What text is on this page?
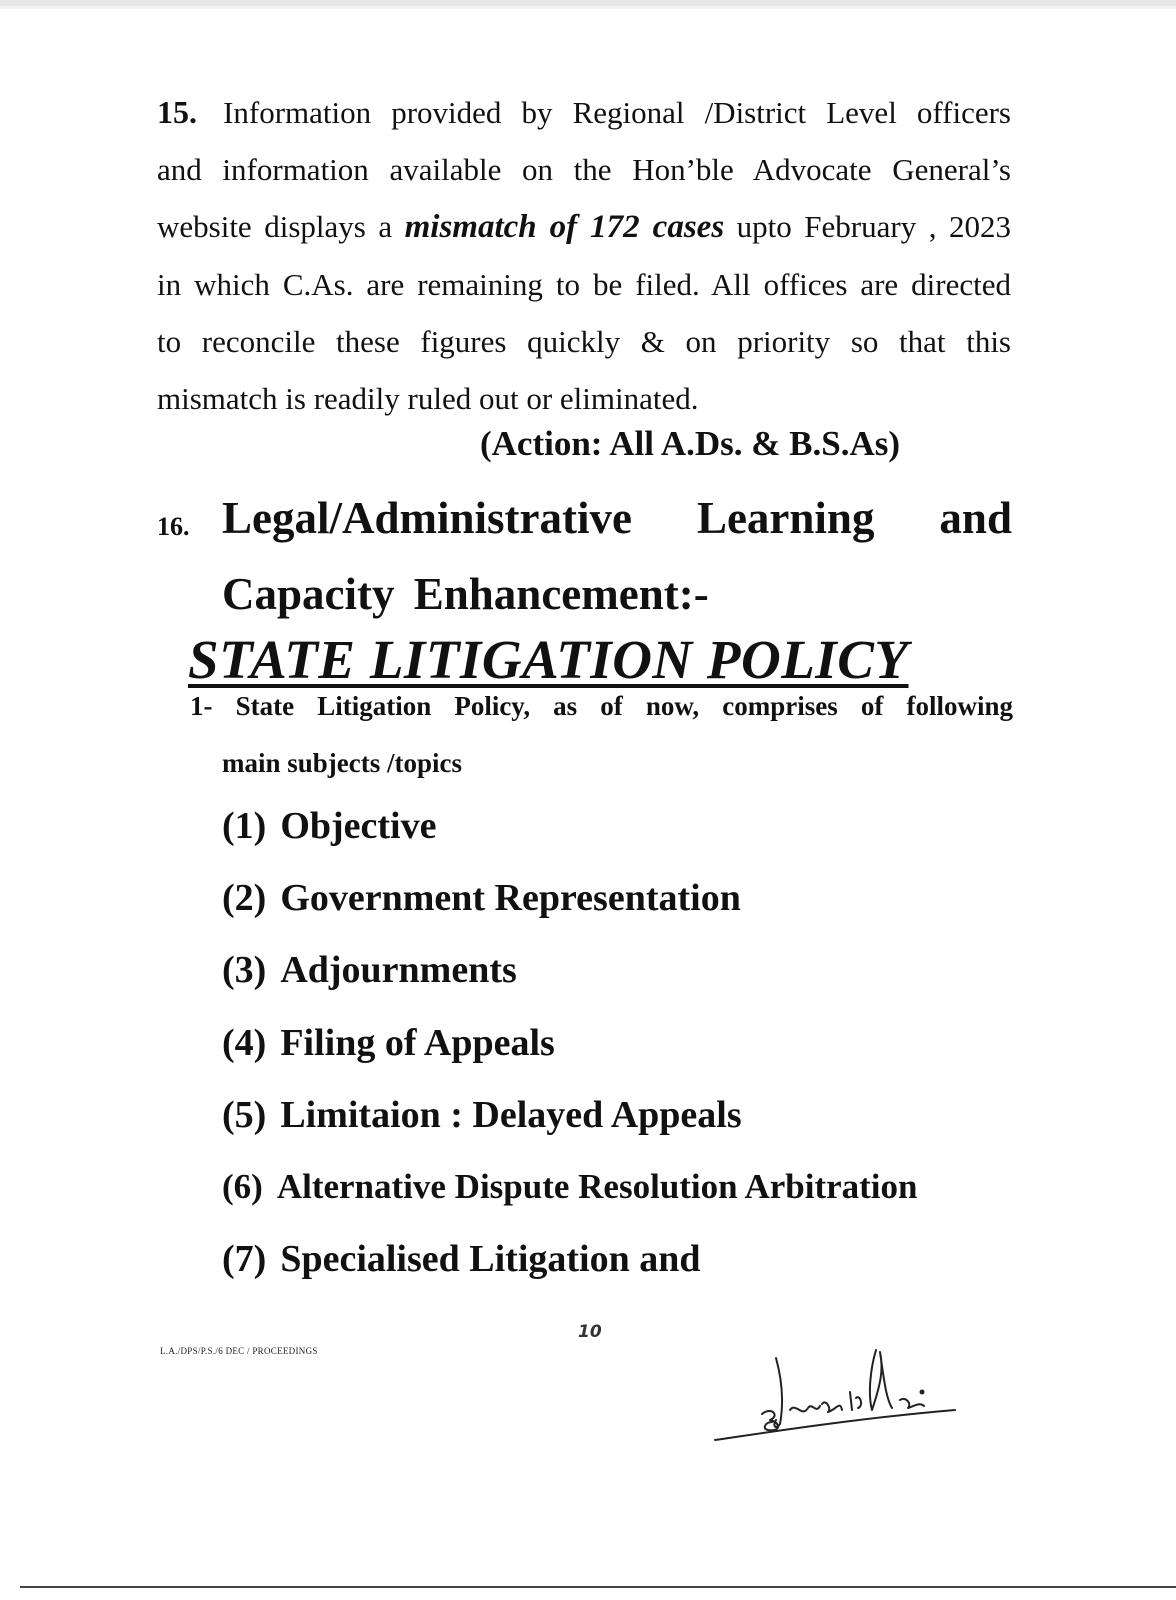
15. Information provided by Regional /District Level officers
and information available on the Hon’ble Advocate General’s
website displays a mismatch of 172 cases upto February , 2023
in which C.As. are remaining to be filed. All offices are directed
to reconcile these figures quickly & on priority so that this
mismatch is readily ruled out or eliminated.
(Action: All A.Ds. & B.S.As)
16. Legal/Administrative Learning and
Capacity Enhancement:-
STATE LITIGATION POLICY
1- State Litigation Policy, as of now, comprises of following
main subjects /topics
(1) Objective
(2) Government Representation
(3) Adjournments
(4) Filing of Appeals
(5) Limitaion : Delayed Appeals
(6) Alternative Dispute Resolution Arbitration
(7) Specialised Litigation and
10
L.A./DPS/P.S./6 DEC / PROCEEDINGS
